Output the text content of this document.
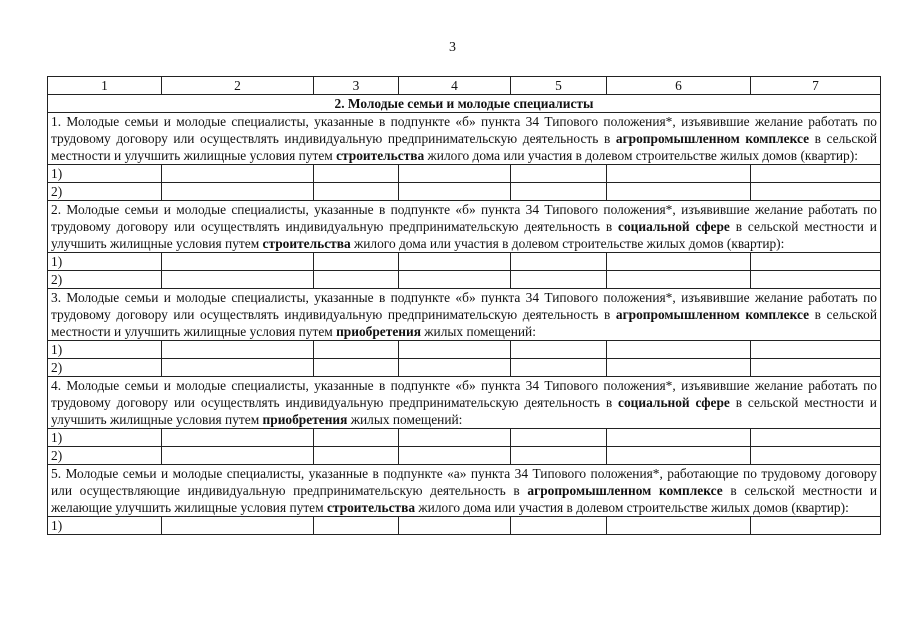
3
1	2	3	4	5	6	7
2. Молодые семьи и молодые специалисты						
1. Молодые семьи и молодые специалисты, указанные в подпункте «б» пункта 34 Типового положения*, изъявившие желание работать по трудовому договору или осуществлять индивидуальную предпринимательскую деятельность в агропромышленном комплексе в сельской местности и улучшить жилищные условия путем строительства жилого дома или участия в долевом строительстве жилых домов (квартир):						
1)						
2)						
2. Молодые семьи и молодые специалисты, указанные в подпункте «б» пункта 34 Типового положения*, изъявившие желание работать по трудовому договору или осуществлять индивидуальную предпринимательскую деятельность в социальной сфере в сельской местности и улучшить жилищные условия путем строительства жилого дома или участия в долевом строительстве жилых домов (квартир):						
1)						
2)						
3. Молодые семьи и молодые специалисты, указанные в подпункте «б» пункта 34 Типового положения*, изъявившие желание работать по трудовому договору или осуществлять индивидуальную предпринимательскую деятельность в агропромышленном комплексе в сельской местности и улучшить жилищные условия путем приобретения жилых помещений:						
1)						
2)						
4. Молодые семьи и молодые специалисты, указанные в подпункте «б» пункта 34 Типового положения*, изъявившие желание работать по трудовому договору или осуществлять индивидуальную предпринимательскую деятельность в социальной сфере в сельской местности и улучшить жилищные условия путем приобретения жилых помещений:						
1)						
2)						
5. Молодые семьи и молодые специалисты, указанные в подпункте «а» пункта 34 Типового положения*, работающие по трудовому договору или осуществляющие индивидуальную предпринимательскую деятельность в агропромышленном комплексе в сельской местности и желающие улучшить жилищные условия путем строительства жилого дома или участия в долевом строительстве жилых домов (квартир):						
1)						
